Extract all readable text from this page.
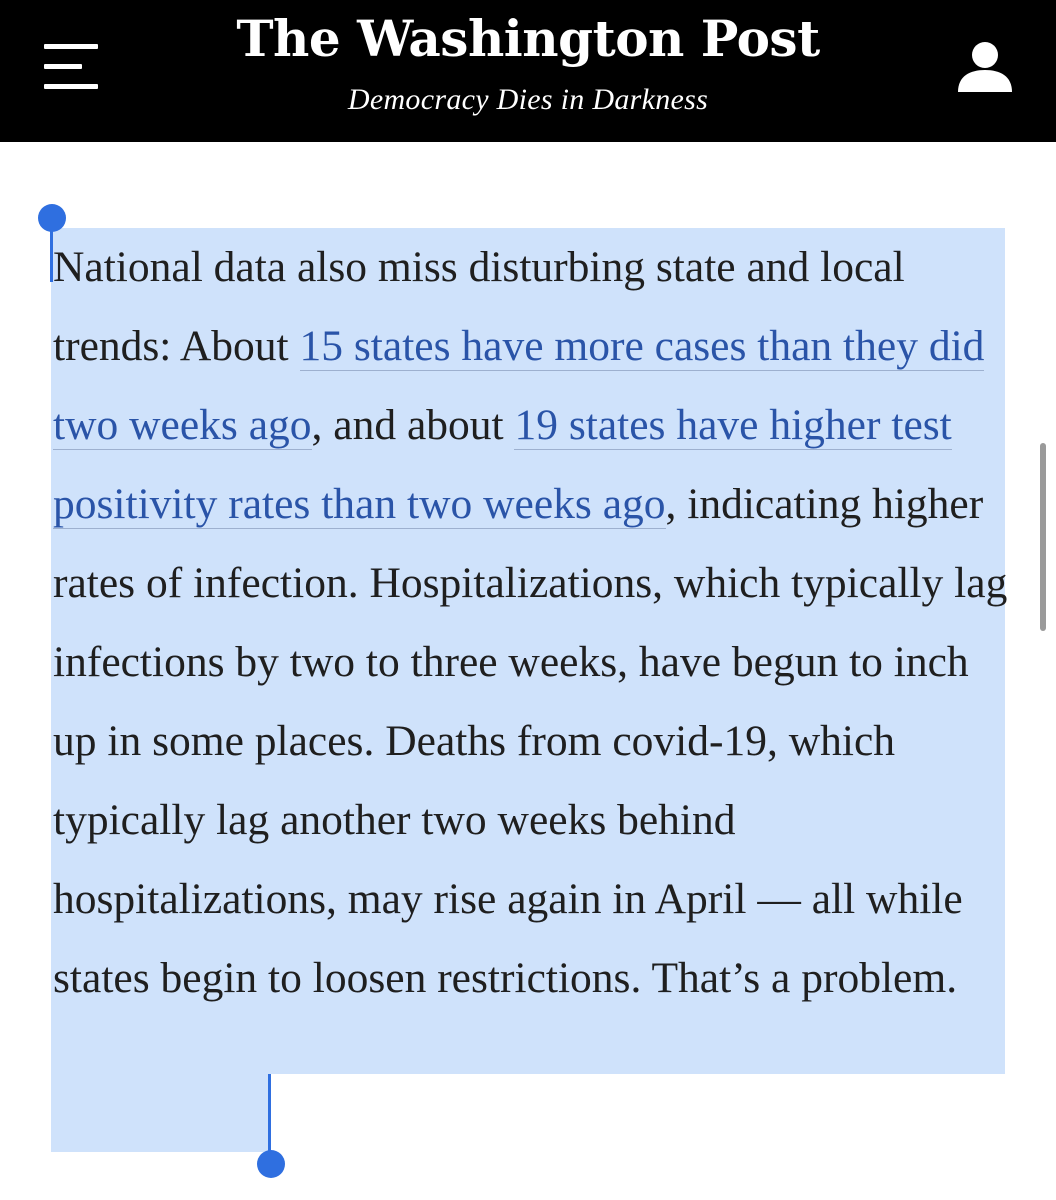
The Washington Post
Democracy Dies in Darkness

National data also miss disturbing state and local trends: About 15 states have more cases than they did two weeks ago, and about 19 states have higher test positivity rates than two weeks ago, indicating higher rates of infection. Hospitalizations, which typically lag infections by two to three weeks, have begun to inch up in some places. Deaths from covid-19, which typically lag another two weeks behind hospitalizations, may rise again in April — all while states begin to loosen restrictions. That’s a problem.
